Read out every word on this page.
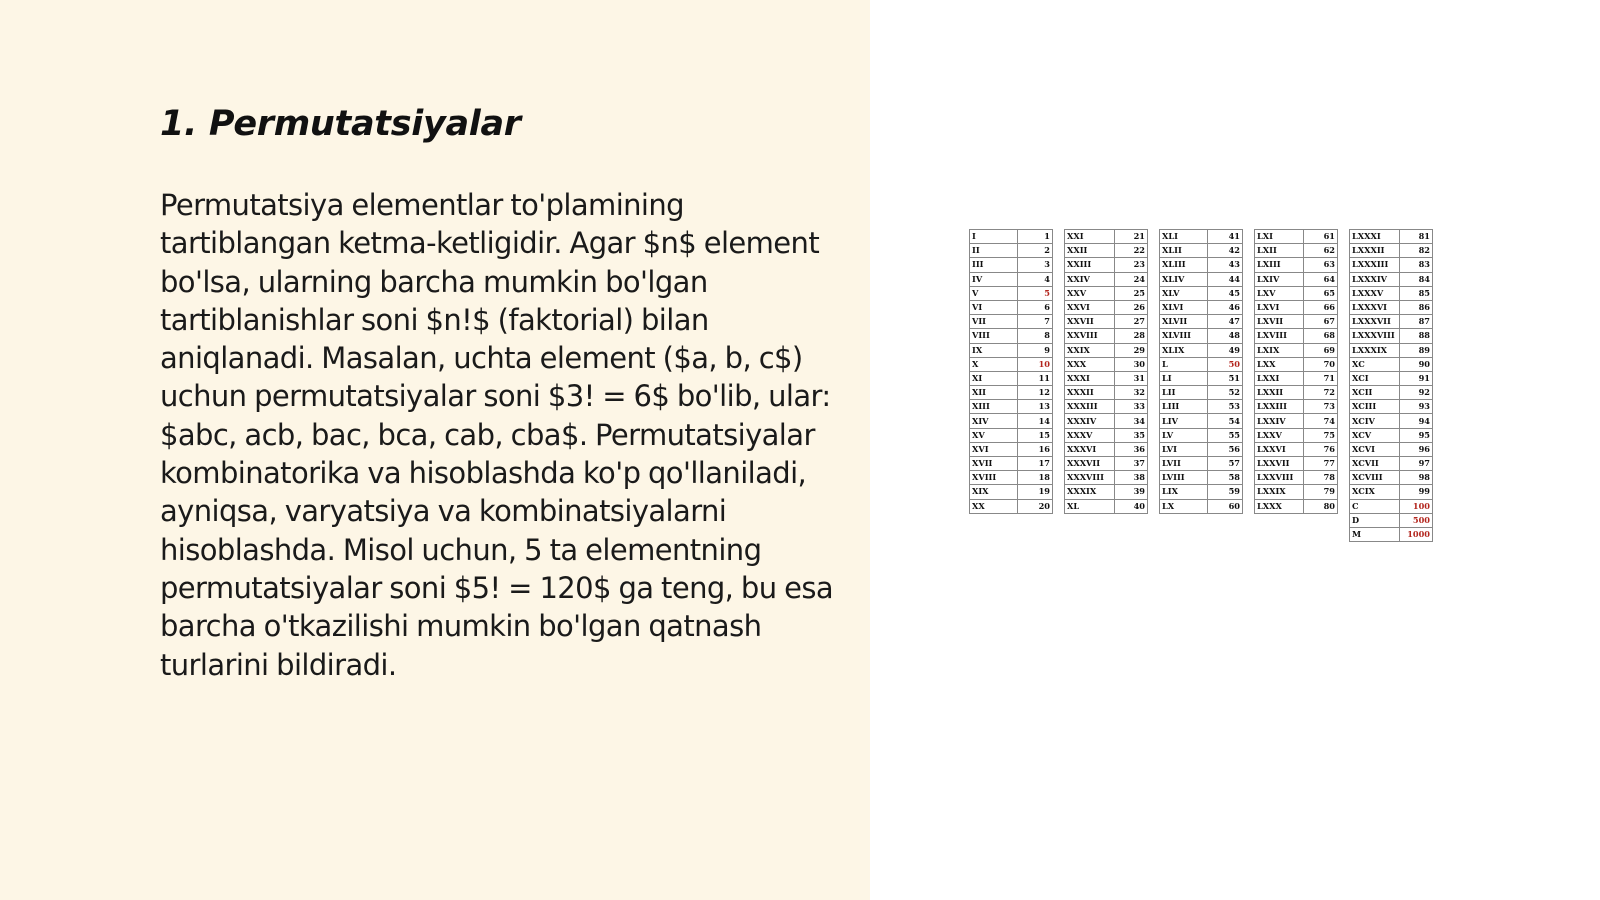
1. Permutatsiyalar

Permutatsiya elementlar to'plamining tartiblangan ketma-ketligidir. Agar $n$ element bo'lsa, ularning barcha mumkin bo'lgan tartiblanishlar soni $n!$ (faktorial) bilan aniqlanadi. Masalan, uchta element ($a, b, c$) uchun permutatsiyalar soni $3! = 6$ bo'lib, ular: $abc, acb, bac, bca, cab, cba$. Permutatsiyalar kombinatorika va hisoblashda ko'p qo'llaniladi, ayniqsa, varyatsiya va kombinatsiyalarni hisoblashda. Misol uchun, 5 ta elementning permutatsiyalar soni $5! = 120$ ga teng, bu esa barcha o'tkazilishi mumkin bo'lgan qatnash turlarini bildiradi.

I	1
II	2
III	3
IV	4
V	5
VI	6
VII	7
VIII	8
IX	9
X	10
XI	11
XII	12
XIII	13
XIV	14
XV	15
XVI	16
XVII	17
XVIII	18
XIX	19
XX	20
XXI	21
XXII	22
XXIII	23
XXIV	24
XXV	25
XXVI	26
XXVII	27
XXVIII	28
XXIX	29
XXX	30
XXXI	31
XXXII	32
XXXIII	33
XXXIV	34
XXXV	35
XXXVI	36
XXXVII	37
XXXVIII	38
XXXIX	39
XL	40
XLI	41
XLII	42
XLIII	43
XLIV	44
XLV	45
XLVI	46
XLVII	47
XLVIII	48
XLIX	49
L	50
LI	51
LII	52
LIII	53
LIV	54
LV	55
LVI	56
LVII	57
LVIII	58
LIX	59
LX	60
LXI	61
LXII	62
LXIII	63
LXIV	64
LXV	65
LXVI	66
LXVII	67
LXVIII	68
LXIX	69
LXX	70
LXXI	71
LXXII	72
LXXIII	73
LXXIV	74
LXXV	75
LXXVI	76
LXXVII	77
LXXVIII	78
LXXIX	79
LXXX	80
LXXXI	81
LXXXII	82
LXXXIII	83
LXXXIV	84
LXXXV	85
LXXXVI	86
LXXXVII	87
LXXXVIII	88
LXXXIX	89
XC	90
XCI	91
XCII	92
XCIII	93
XCIV	94
XCV	95
XCVI	96
XCVII	97
XCVIII	98
XCIX	99
C	100
D	500
M	1000
